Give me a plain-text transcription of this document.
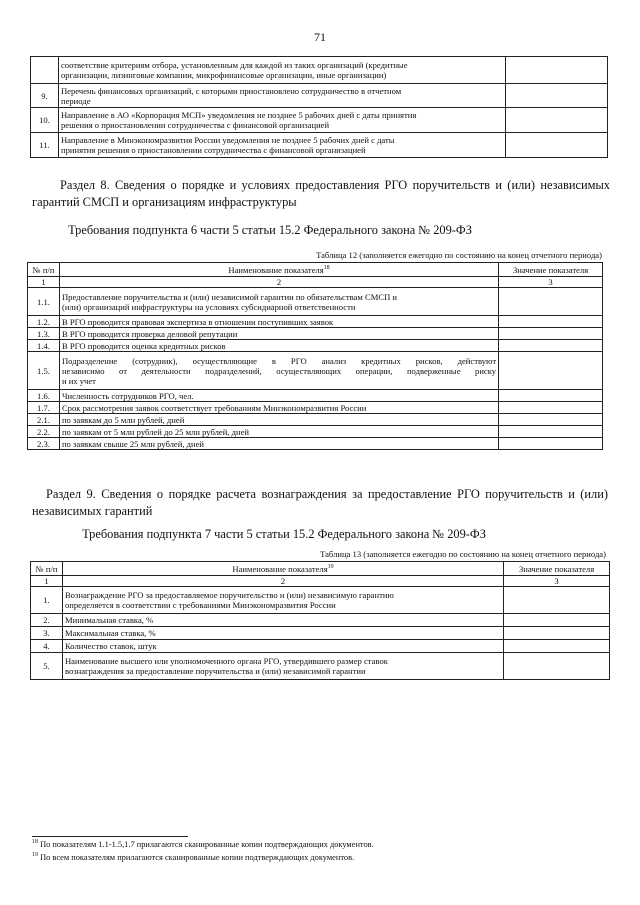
71

	соответствие критериям отбора, установленным для каждой из таких организаций (кредитные
организации, лизинговые компании, микрофинансовые организации, иные организации)	

9.	Перечень финансовых организаций, с которыми приостановлено сотрудничество в отчетном
периоде	

10.	Направление в АО «Корпорация МСП» уведомления не позднее 5 рабочих дней с даты принятия
решения о приостановлении сотрудничества с финансовой организацией	

11.	Направление в Минэкономразвития России уведомления не позднее 5 рабочих дней с даты
принятия решения о приостановлении сотрудничества с финансовой организацией	

Раздел 8. Сведения о порядке и условиях предоставления РГО поручительств и (или) независимых
гарантий СМСП и организациям инфраструктуры
Требования подпункта 6 части 5 статьи 15.2 Федерального закона № 209-ФЗ
Таблица 12 (заполняется ежегодно по состоянию на конец отчетного периода)
№ п/п	Наименование показателя$^{18}$	Значение показателя
1	2	3
1.1.	Предоставление поручительства и (или) независимой гарантии по обязательствам СМСП и
(или) организаций инфраструктуры на условиях субсидиарной ответственности	

1.2.	В РГО проводится правовая экспертиза в отношении поступивших заявок	

1.3.	В РГО проводится проверка деловой репутации	

1.4.	В РГО проводится оценка кредитных рисков	

1.5.	Подразделение (сотрудник), осуществляющие в РГО анализ кредитных рисков, действуют
независимо от деятельности подразделений, осуществляющих операции, подверженные риску
и их учет	

1.6.	Численность сотрудников РГО, чел.	

1.7.	Срок рассмотрения заявок соответствует требованиям Минэкономразвития России	

2.1.	по заявкам до 5 млн рублей, дней	

2.2.	по заявкам от 5 млн рублей до 25 млн рублей, дней	

2.3.	по заявкам свыше 25 млн рублей, дней	

Раздел 9. Сведения о порядке расчета вознаграждения за предоставление РГО поручительств и (или)
независимых гарантий
Требования подпункта 7 части 5 статьи 15.2 Федерального закона № 209-ФЗ
Таблица 13 (заполняется ежегодно по состоянию на конец отчетного периода)
№ п/п	Наименование показателя$^{19}$	Значение показателя
1	2	3
1.	Вознаграждение РГО за предоставляемое поручительство и (или) независимую гарантию
определяется в соответствии с требованиями Минэкономразвития России	

2.	Минимальная ставка, %	

3.	Максимальная ставка, %	

4.	Количество ставок, штук	

5.	Наименование высшего или уполномоченного органа РГО, утвердившего размер ставок
вознаграждения за предоставление поручительства и (или) независимой гарантии	

$^{18}$ По показателям 1.1-1.5,1.7 прилагаются сканированные копии подтверждающих документов.
$^{19}$ По всем показателям прилагаются сканированные копии подтверждающих документов.
